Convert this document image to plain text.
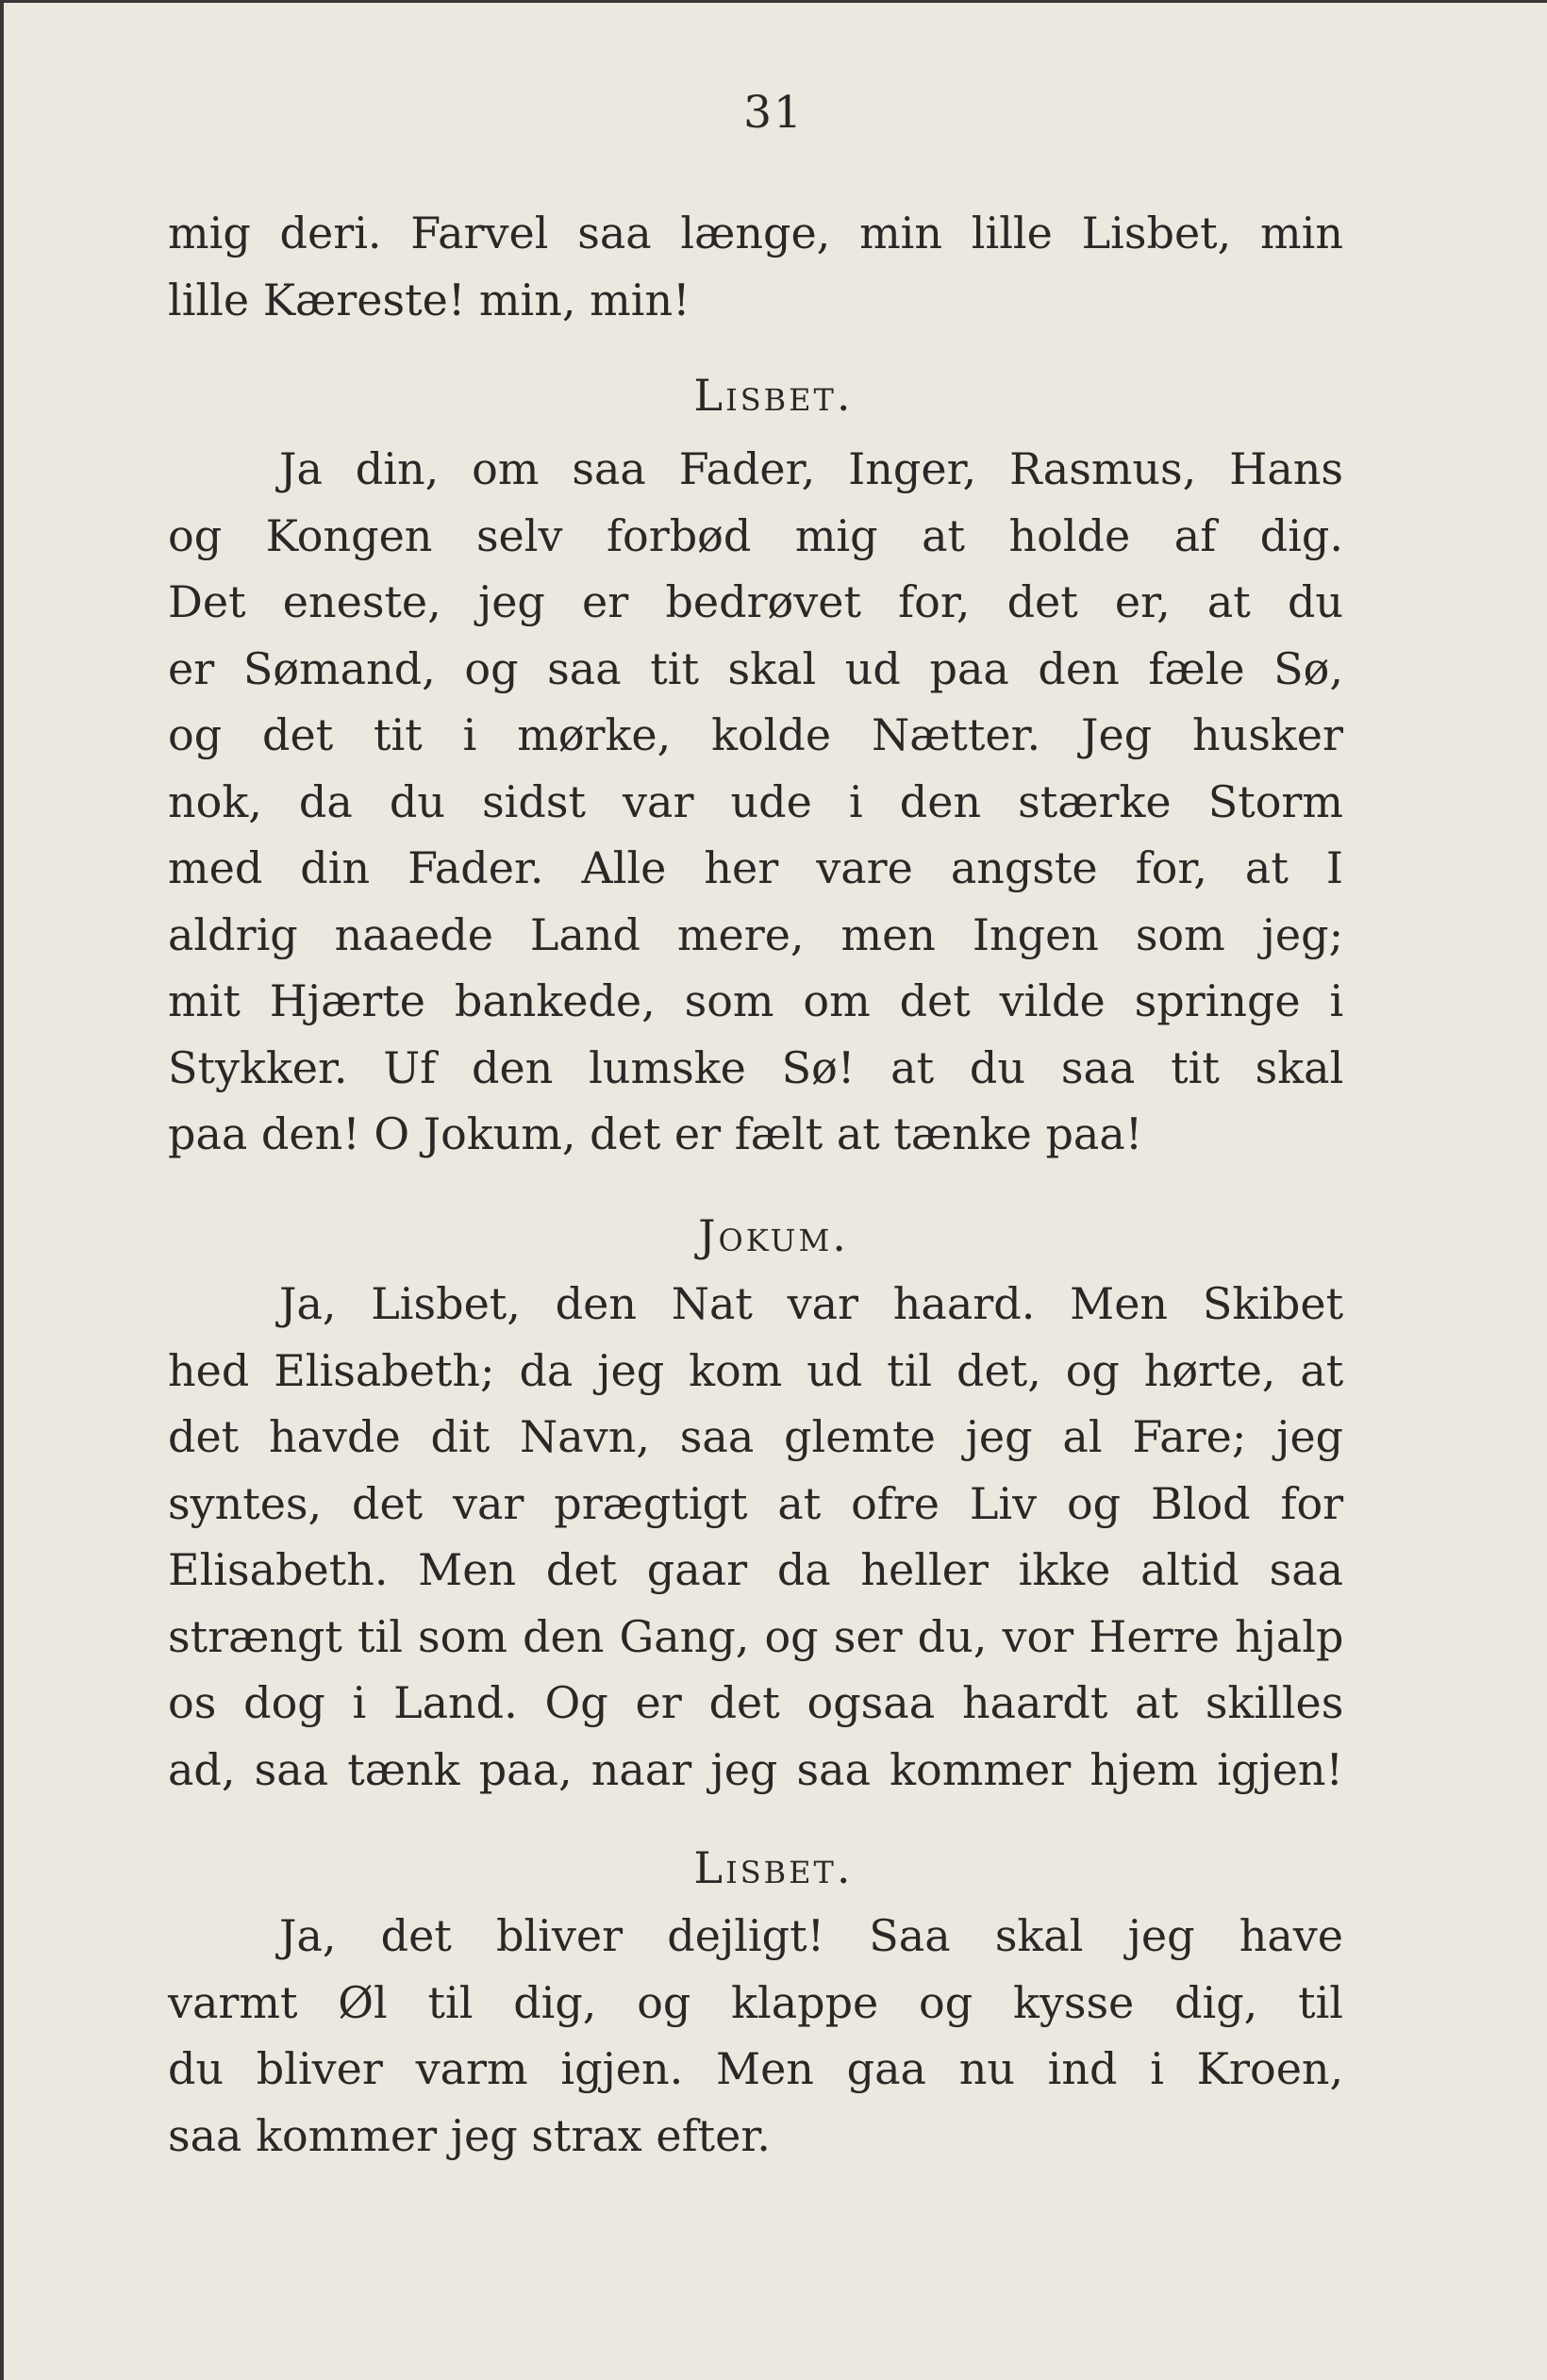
31
mig deri. Farvel saa længe, min lille Lisbet, min
lille Kæreste! min, min!
Lisbet.
Ja din, om saa Fader, Inger, Rasmus, Hans
og Kongen selv forbød mig at holde af dig.
Det eneste, jeg er bedrøvet for, det er, at du
er Sømand, og saa tit skal ud paa den fæle Sø,
og det tit i mørke, kolde Nætter. Jeg husker
nok, da du sidst var ude i den stærke Storm
med din Fader. Alle her vare angste for, at I
aldrig naaede Land mere, men Ingen som jeg;
mit Hjærte bankede, som om det vilde springe i
Stykker. Uf den lumske Sø! at du saa tit skal
paa den! O Jokum, det er fælt at tænke paa!
Jokum.
Ja, Lisbet, den Nat var haard. Men Skibet
hed Elisabeth; da jeg kom ud til det, og hørte, at
det havde dit Navn, saa glemte jeg al Fare; jeg
syntes, det var prægtigt at ofre Liv og Blod for
Elisabeth. Men det gaar da heller ikke altid saa
strængt til som den Gang, og ser du, vor Herre hjalp
os dog i Land. Og er det ogsaa haardt at skilles
ad, saa tænk paa, naar jeg saa kommer hjem igjen!
Lisbet.
Ja, det bliver dejligt! Saa skal jeg have
varmt Øl til dig, og klappe og kysse dig, til
du bliver varm igjen. Men gaa nu ind i Kroen,
saa kommer jeg strax efter.
